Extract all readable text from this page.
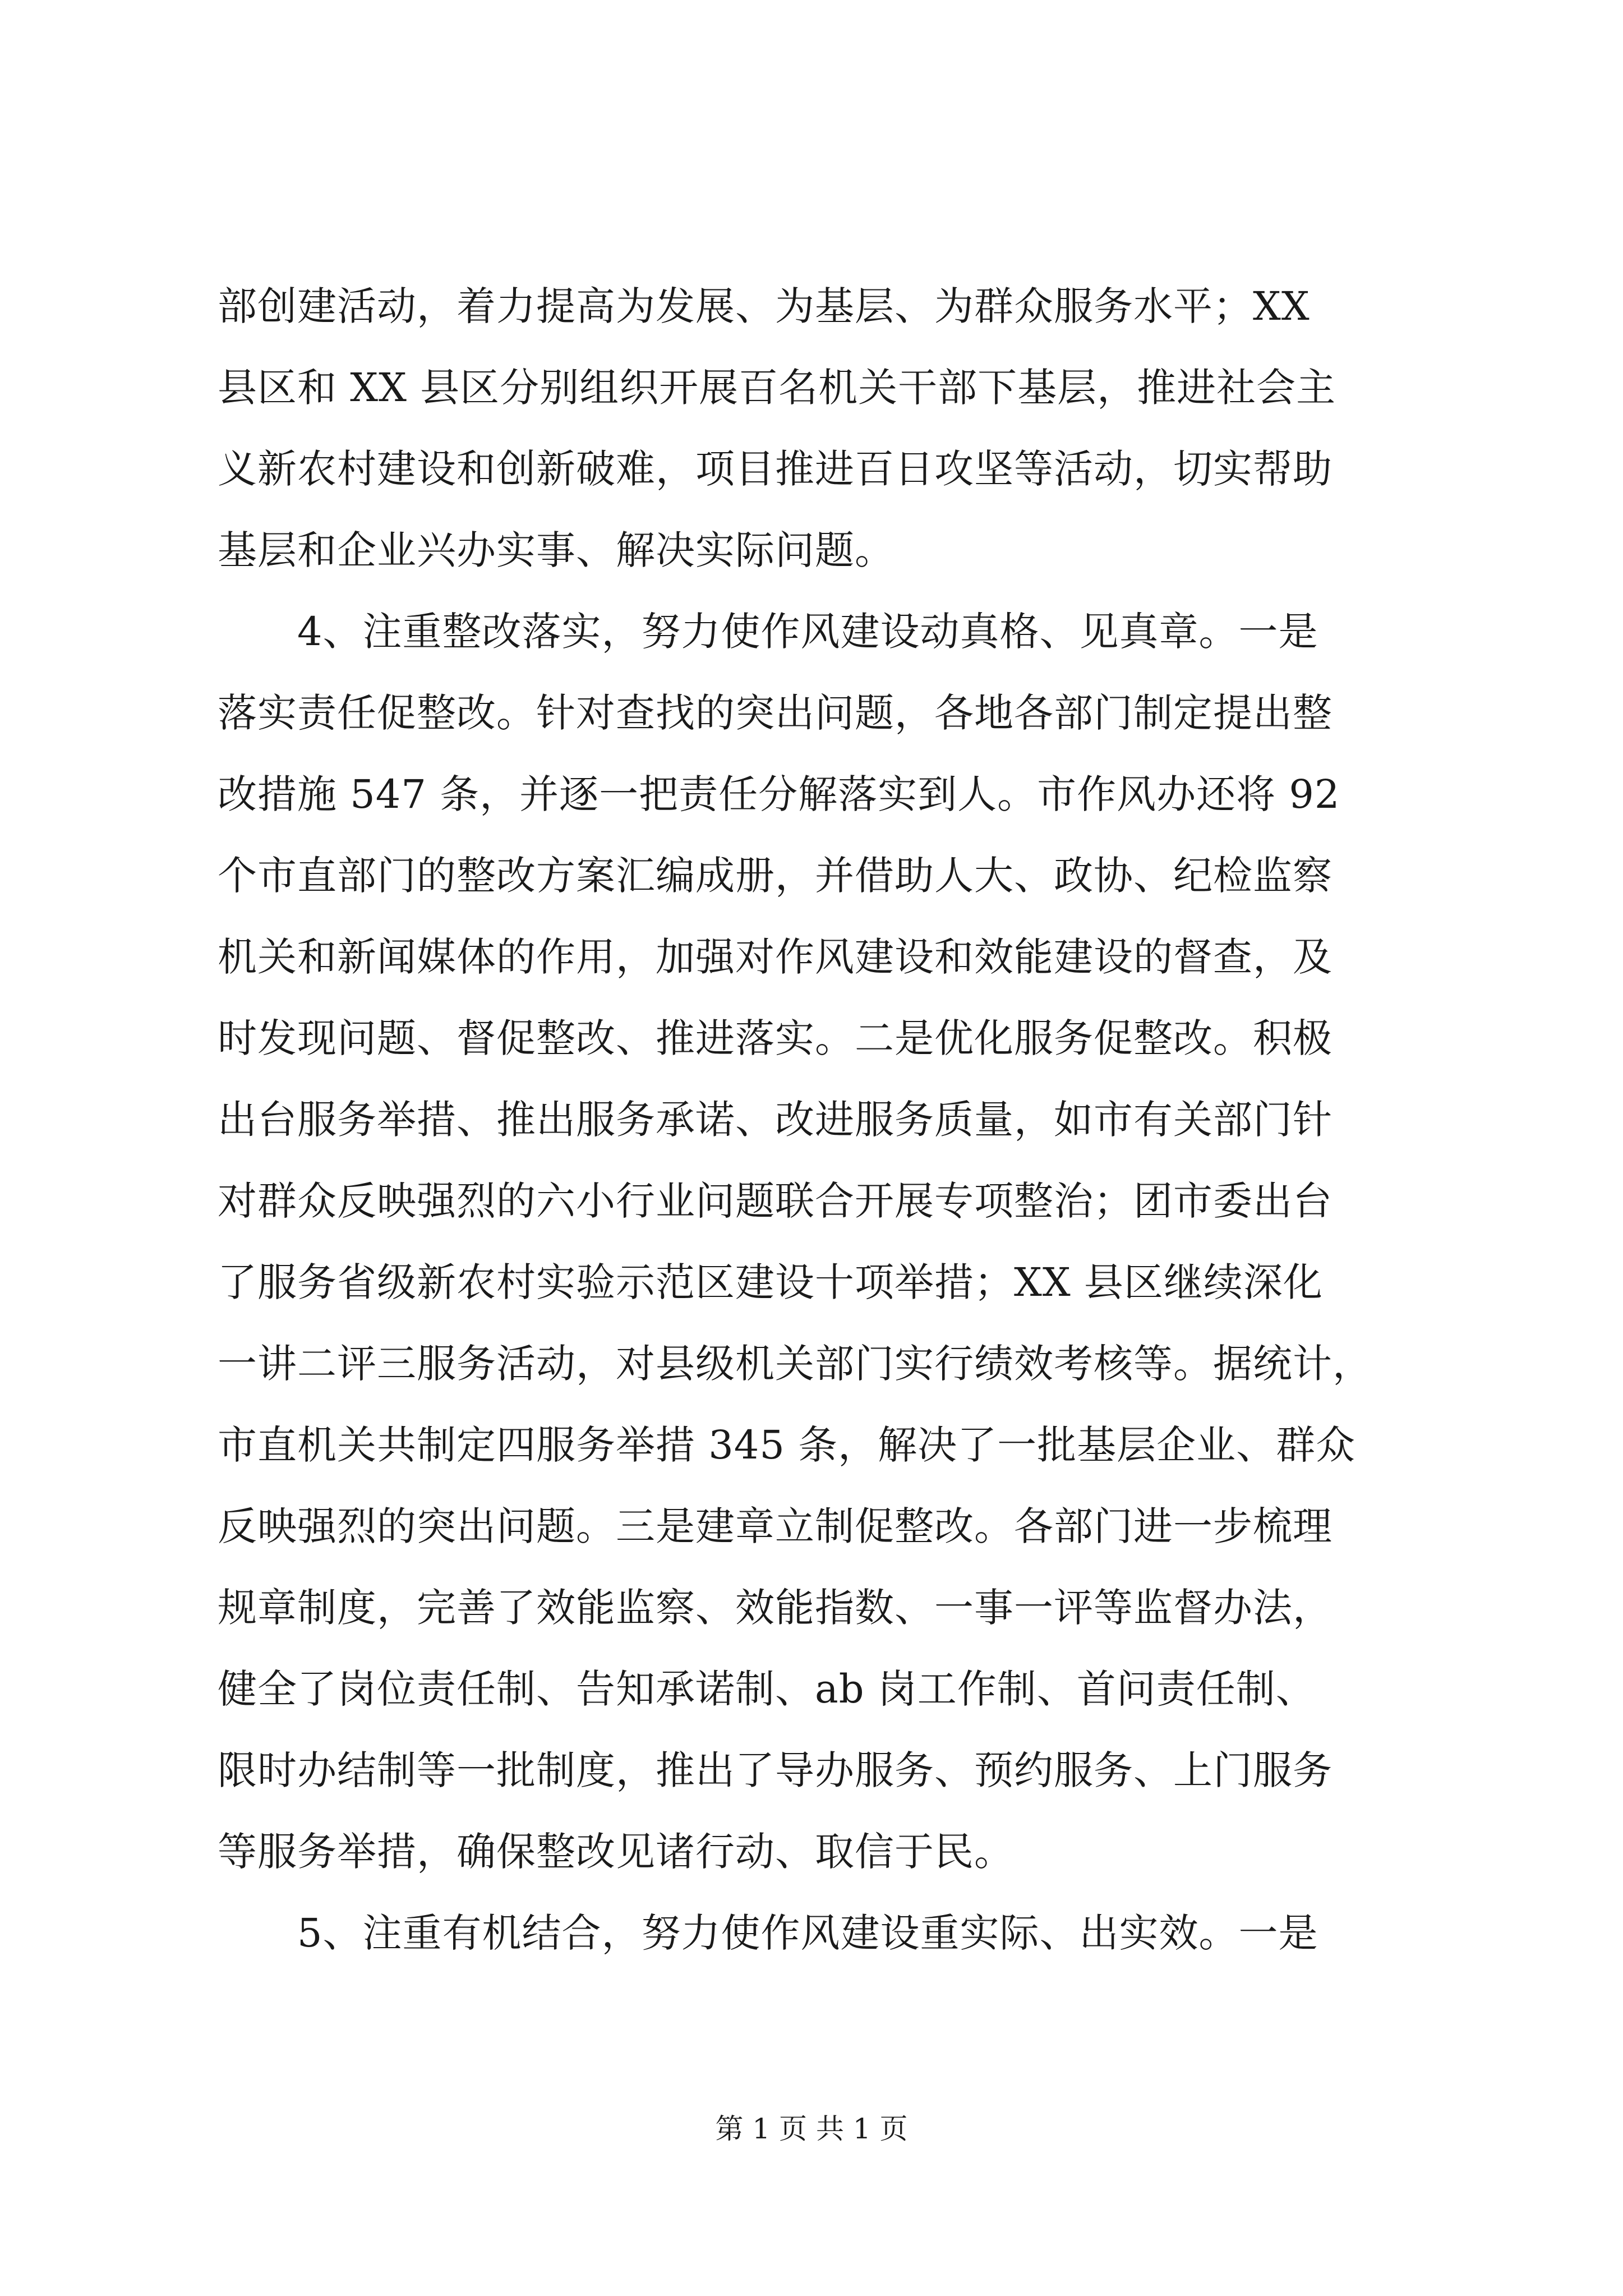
部创建活动，着力提高为发展、为基层、为群众服务水平；XX
县区和 XX 县区分别组织开展百名机关干部下基层，推进社会主
义新农村建设和创新破难，项目推进百日攻坚等活动，切实帮助
基层和企业兴办实事、解决实际问题。
　　4、注重整改落实，努力使作风建设动真格、见真章。一是
落实责任促整改。针对查找的突出问题，各地各部门制定提出整
改措施 547 条，并逐一把责任分解落实到人。市作风办还将 92
个市直部门的整改方案汇编成册，并借助人大、政协、纪检监察
机关和新闻媒体的作用，加强对作风建设和效能建设的督查，及
时发现问题、督促整改、推进落实。二是优化服务促整改。积极
出台服务举措、推出服务承诺、改进服务质量，如市有关部门针
对群众反映强烈的六小行业问题联合开展专项整治；团市委出台
了服务省级新农村实验示范区建设十项举措；XX 县区继续深化
一讲二评三服务活动，对县级机关部门实行绩效考核等。据统计，
市直机关共制定四服务举措 345 条，解决了一批基层企业、群众
反映强烈的突出问题。三是建章立制促整改。各部门进一步梳理
规章制度，完善了效能监察、效能指数、一事一评等监督办法，
健全了岗位责任制、告知承诺制、ab 岗工作制、首问责任制、
限时办结制等一批制度，推出了导办服务、预约服务、上门服务
等服务举措，确保整改见诸行动、取信于民。
　　5、注重有机结合，努力使作风建设重实际、出实效。一是
第 1 页 共 1 页
